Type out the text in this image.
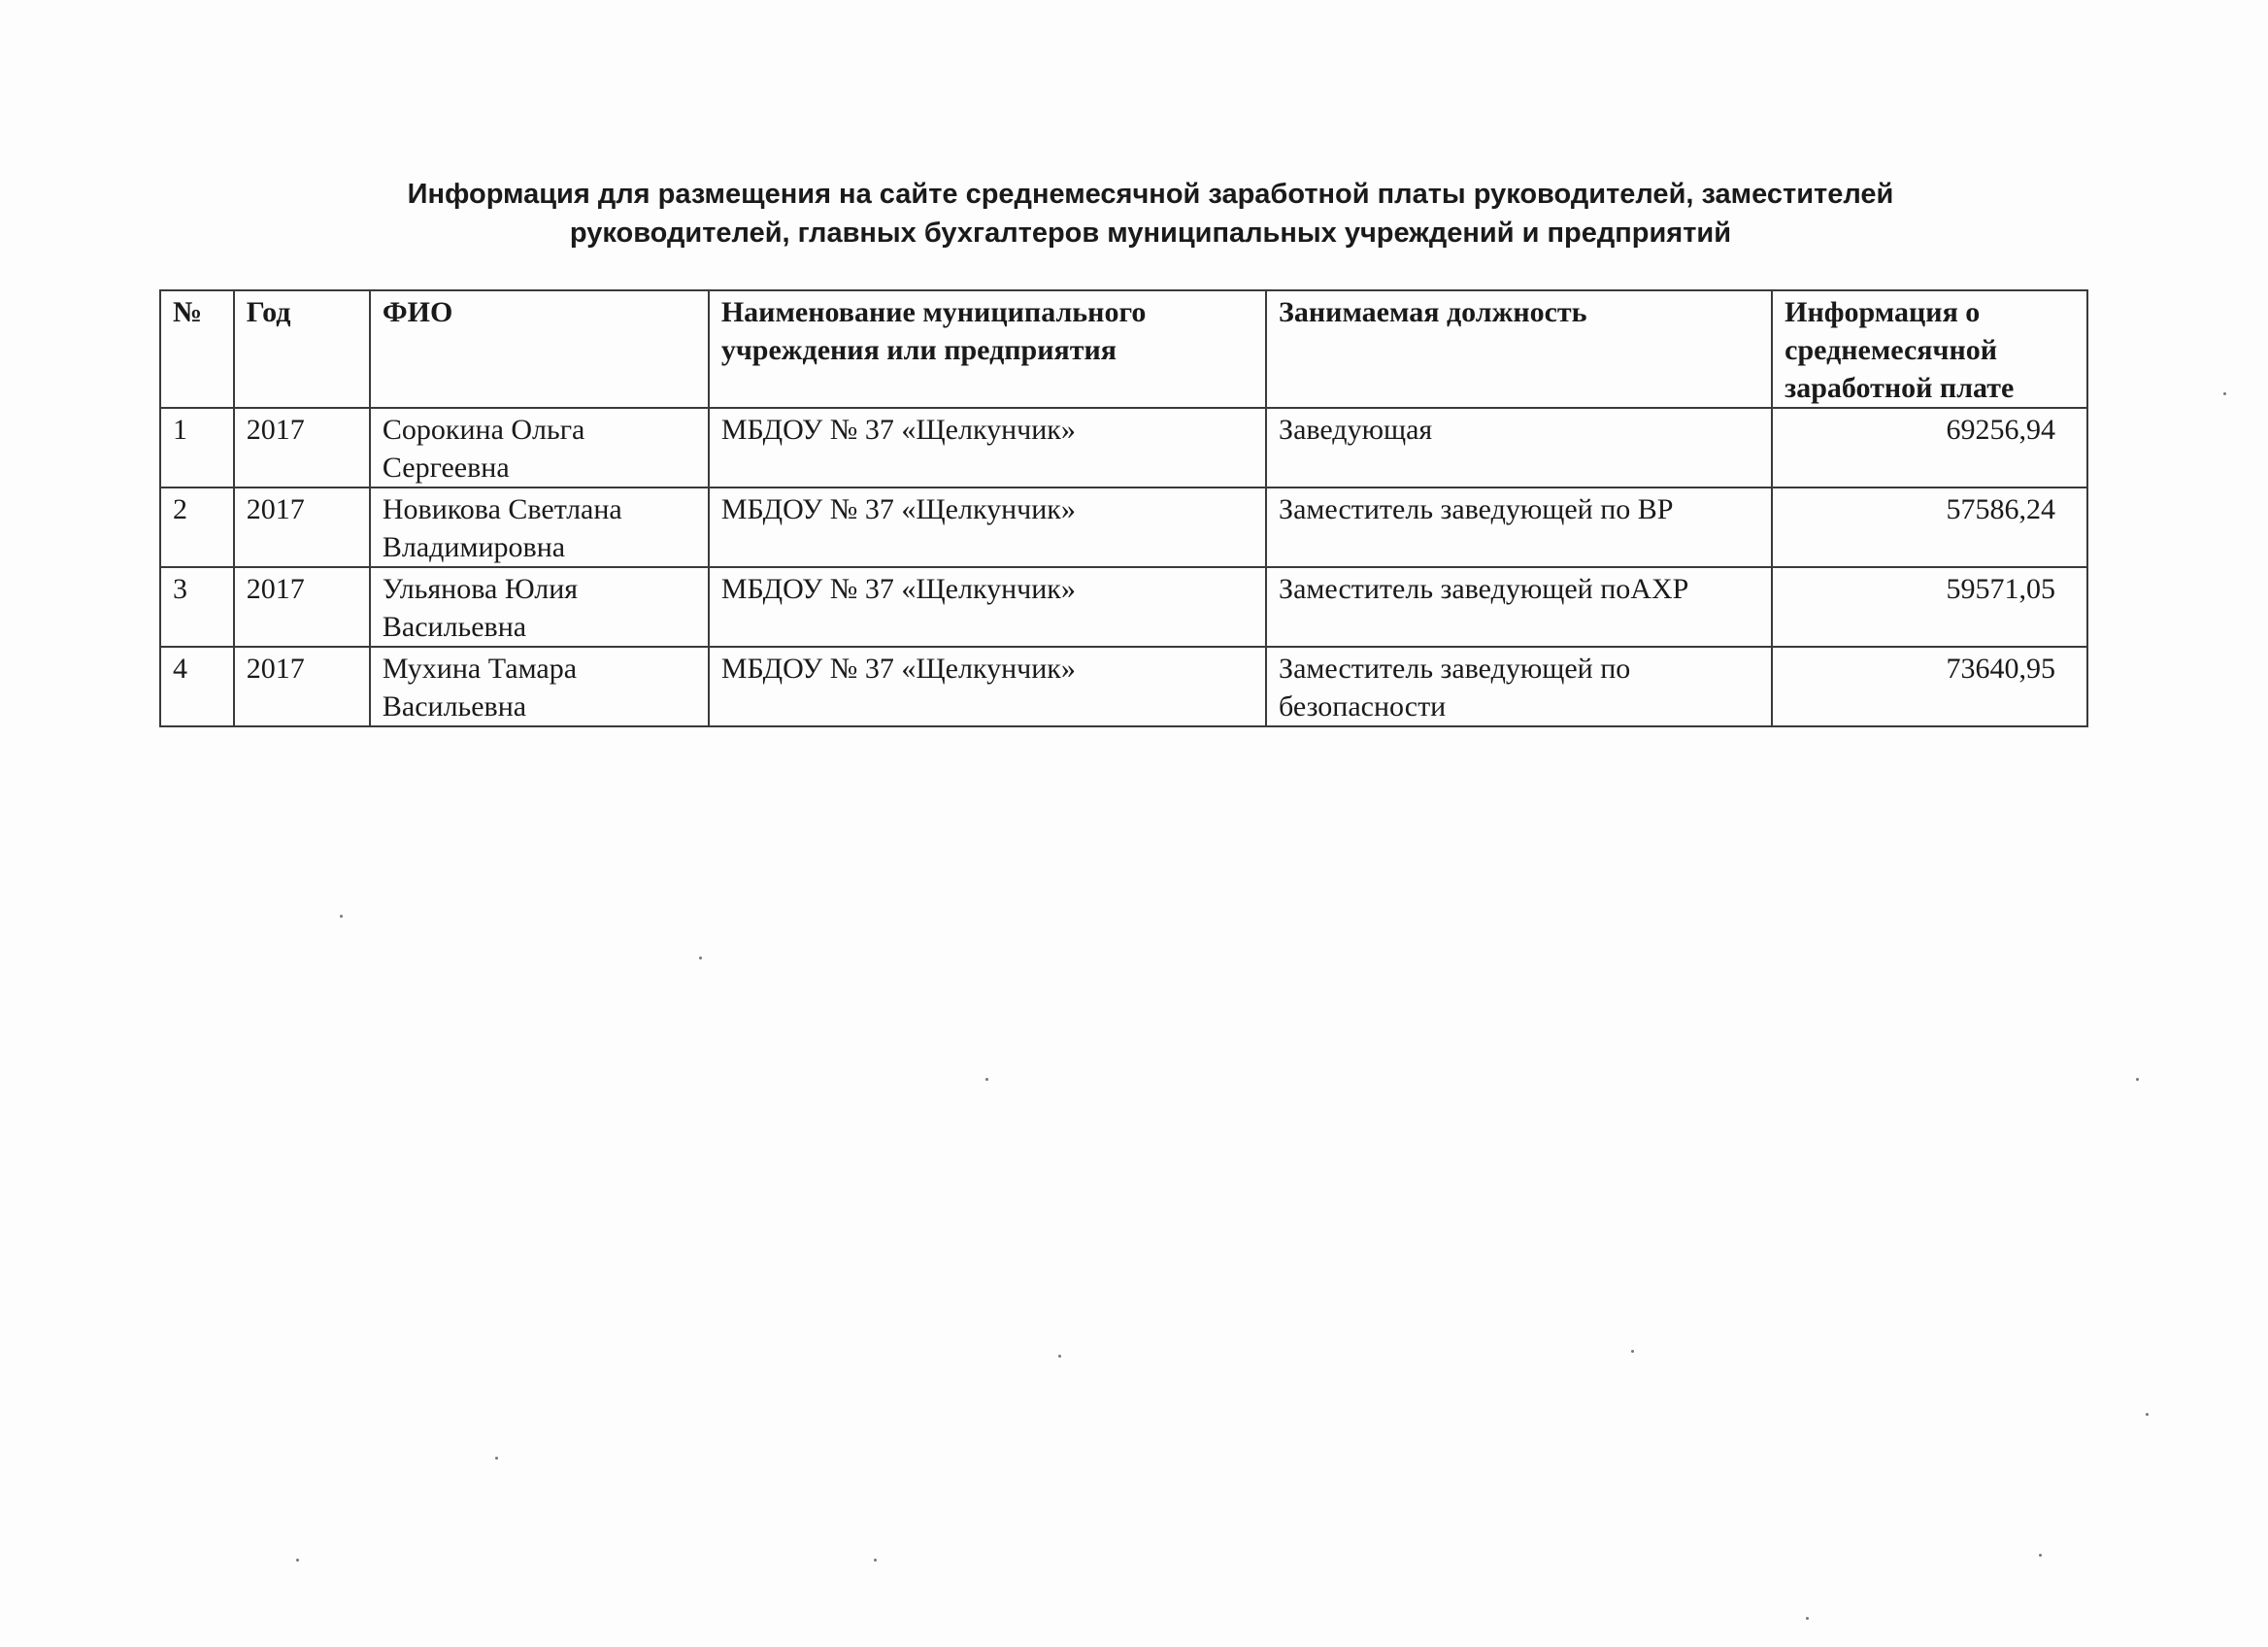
Информация для размещения на сайте среднемесячной заработной платы руководителей, заместителей
руководителей, главных бухгалтеров муниципальных учреждений и предприятий
№	Год	ФИО	Наименование муниципального учреждения или предприятия	Занимаемая должность	Информация о среднемесячной заработной плате
1	2017	Сорокина Ольга Сергеевна	МБДОУ № 37 «Щелкунчик»	Заведующая	69256,94
2	2017	Новикова Светлана Владимировна	МБДОУ № 37 «Щелкунчик»	Заместитель заведующей по ВР	57586,24
3	2017	Ульянова Юлия Васильевна	МБДОУ № 37 «Щелкунчик»	Заместитель заведующей поАХР	59571,05
4	2017	Мухина Тамара Васильевна	МБДОУ № 37 «Щелкунчик»	Заместитель заведующей по безопасности	73640,95
